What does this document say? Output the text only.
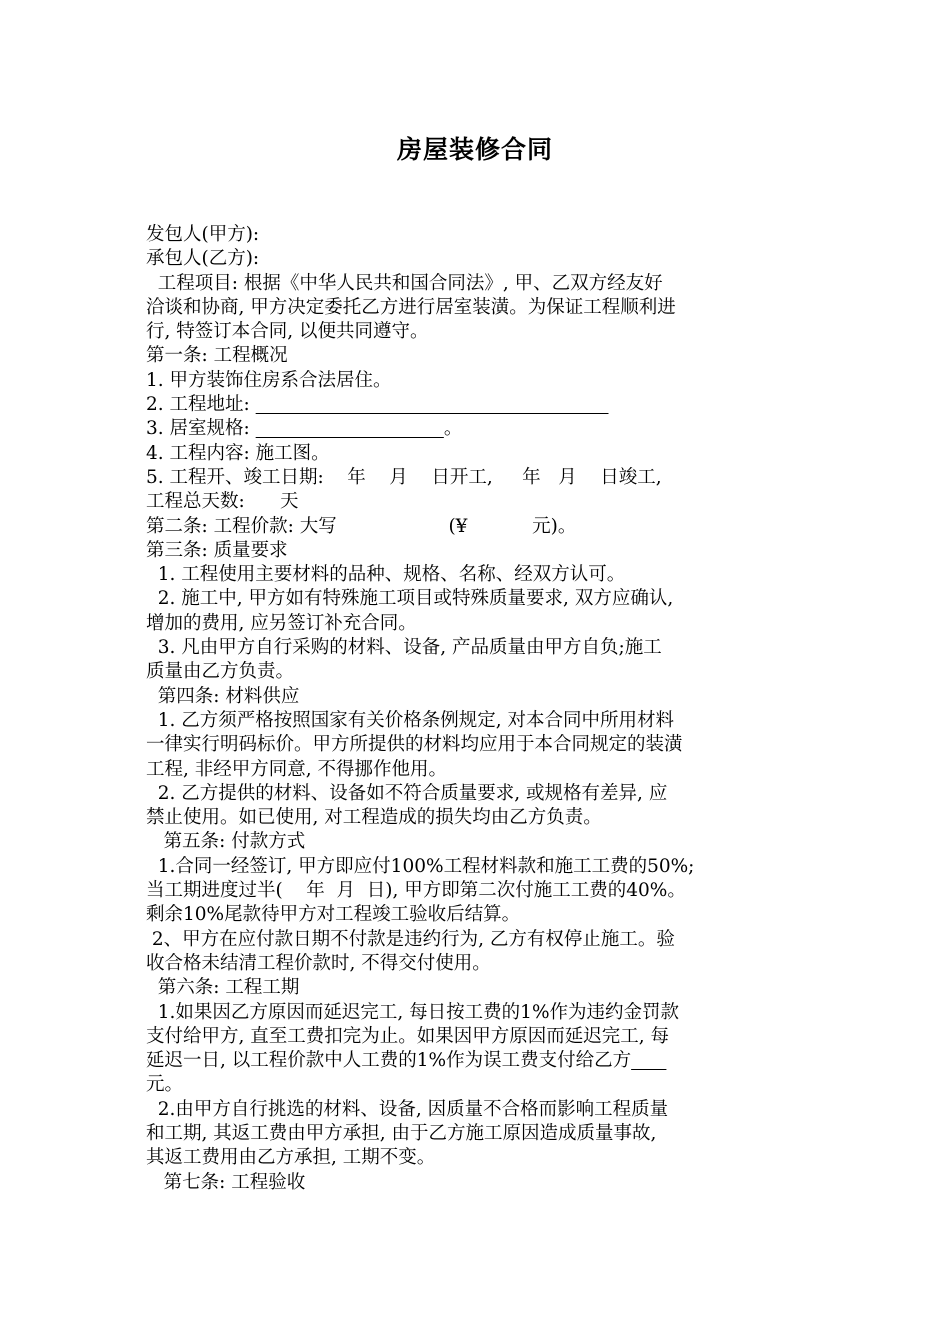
房屋装修合同
发包人(甲方):
承包人(乙方):
工程项目: 根据《中华人民共和国合同法》, 甲、乙双方经友好
洽谈和协商, 甲方决定委托乙方进行居室装潢。为保证工程顺利进
行, 特签订本合同, 以便共同遵守。
第一条: 工程概况
1. 甲方装饰住房系合法居住。
2. 工程地址:
3. 居室规格:	。
4. 工程内容: 施工图。
5. 工程开、竣工日期:    年    月    日开工,     年   月    日竣工,
工程总天数:      天
第二条: 工程价款: 大写                   (¥           元)。
第三条: 质量要求
1. 工程使用主要材料的品种、规格、名称、经双方认可。
2. 施工中, 甲方如有特殊施工项目或特殊质量要求, 双方应确认,
增加的费用, 应另签订补充合同。
3. 凡由甲方自行采购的材料、设备, 产品质量由甲方自负;施工
质量由乙方负责。
第四条: 材料供应
1. 乙方须严格按照国家有关价格条例规定, 对本合同中所用材料
一律实行明码标价。甲方所提供的材料均应用于本合同规定的装潢
工程, 非经甲方同意, 不得挪作他用。
2. 乙方提供的材料、设备如不符合质量要求, 或规格有差异, 应
禁止使用。如已使用, 对工程造成的损失均由乙方负责。
第五条: 付款方式
1.合同一经签订, 甲方即应付100%工程材料款和施工工费的50%;
当工期进度过半(    年  月  日), 甲方即第二次付施工工费的40%。
剩余10%尾款待甲方对工程竣工验收后结算。
2、甲方在应付款日期不付款是违约行为, 乙方有权停止施工。验
收合格未结清工程价款时, 不得交付使用。
第六条: 工程工期
1.如果因乙方原因而延迟完工, 每日按工费的1%作为违约金罚款
支付给甲方, 直至工费扣完为止。如果因甲方原因而延迟完工, 每
延迟一日, 以工程价款中人工费的1%作为误工费支付给乙方
元。
2.由甲方自行挑选的材料、设备, 因质量不合格而影响工程质量
和工期, 其返工费由甲方承担, 由于乙方施工原因造成质量事故,
其返工费用由乙方承担, 工期不变。
第七条: 工程验收
